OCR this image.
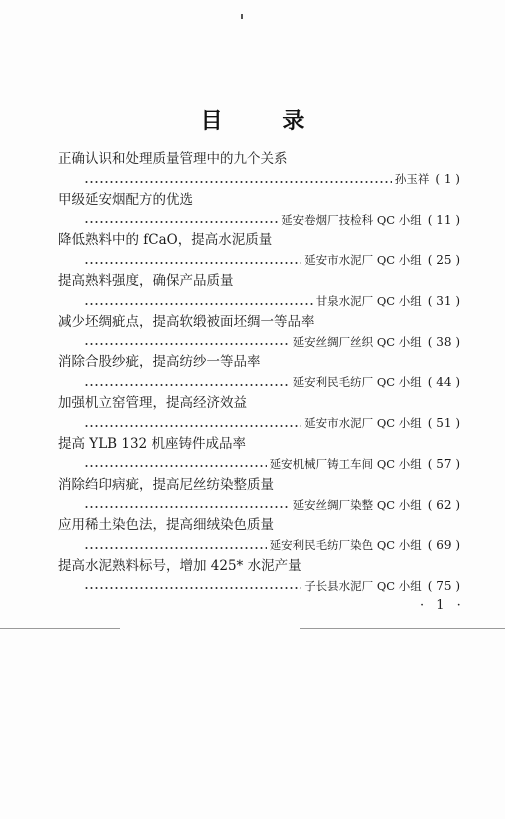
目 录
正确认识和处理质量管理中的九个关系
孙玉祥 ( 1 )
甲级延安烟配方的优选
延安卷烟厂技检科 QC 小组 ( 11 )
降低熟料中的 fCaO，提高水泥质量
延安市水泥厂 QC 小组 ( 25 )
提高熟料强度，确保产品质量
甘泉水泥厂 QC 小组 ( 31 )
减少坯绸疵点，提高软缎被面坯绸一等品率
延安丝绸厂丝织 QC 小组 ( 38 )
消除合股纱疵，提高纺纱一等品率
延安利民毛纺厂 QC 小组 ( 44 )
加强机立窑管理，提高经济效益
延安市水泥厂 QC 小组 ( 51 )
提高 YLB 132 机座铸件成品率
延安机械厂铸工车间 QC 小组 ( 57 )
消除绉印病疵，提高尼丝纺染整质量
延安丝绸厂染整 QC 小组 ( 62 )
应用稀土染色法，提高细绒染色质量
延安利民毛纺厂染色 QC 小组 ( 69 )
提高水泥熟料标号，增加 425* 水泥产量
子长县水泥厂 QC 小组 ( 75 )
· 1 ·
